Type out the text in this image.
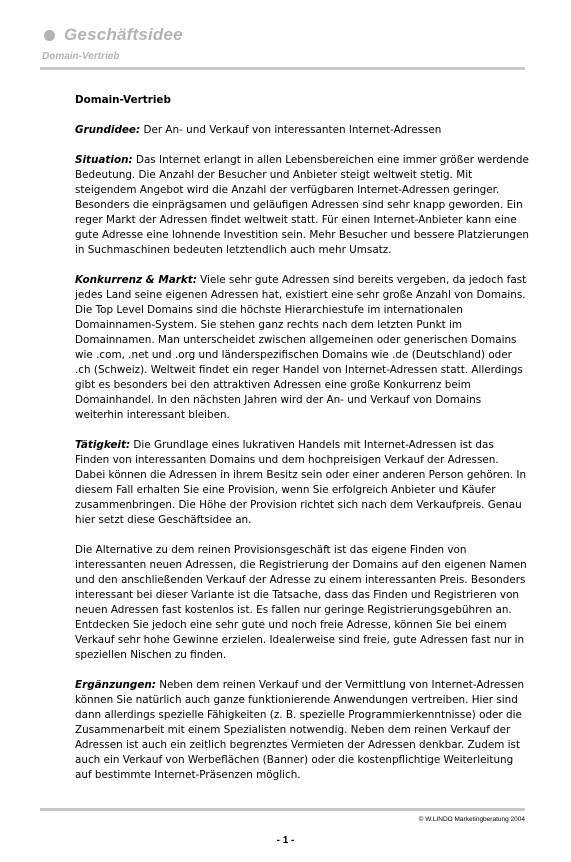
Geschäftsidee
Domain-Vertrieb
Domain-Vertrieb

Grundidee: Der An- und Verkauf von interessanten Internet-Adressen

Situation: Das Internet erlangt in allen Lebensbereichen eine immer größer werdende Bedeutung. Die Anzahl der Besucher und Anbieter steigt weltweit stetig. Mit steigendem Angebot wird die Anzahl der verfügbaren Internet-Adressen geringer. Besonders die einprägsamen und geläufigen Adressen sind sehr knapp geworden. Ein reger Markt der Adressen findet weltweit statt. Für einen Internet-Anbieter kann eine gute Adresse eine lohnende Investition sein. Mehr Besucher und bessere Platzierungen in Suchmaschinen bedeuten letztendlich auch mehr Umsatz.

Konkurrenz & Markt: Viele sehr gute Adressen sind bereits vergeben, da jedoch fast jedes Land seine eigenen Adressen hat, existiert eine sehr große Anzahl von Domains. Die Top Level Domains sind die höchste Hierarchiestufe im internationalen Domainnamen-System. Sie stehen ganz rechts nach dem letzten Punkt im Domainnamen. Man unterscheidet zwischen allgemeinen oder generischen Domains wie .com, .net und .org und länderspezifischen Domains wie .de (Deutschland) oder .ch (Schweiz). Weltweit findet ein reger Handel von Internet-Adressen statt. Allerdings gibt es besonders bei den attraktiven Adressen eine große Konkurrenz beim Domainhandel. In den nächsten Jahren wird der An- und Verkauf von Domains weiterhin interessant bleiben.

Tätigkeit: Die Grundlage eines lukrativen Handels mit Internet-Adressen ist das Finden von interessanten Domains und dem hochpreisigen Verkauf der Adressen. Dabei können die Adressen in ihrem Besitz sein oder einer anderen Person gehören. In diesem Fall erhalten Sie eine Provision, wenn Sie erfolgreich Anbieter und Käufer zusammenbringen. Die Höhe der Provision richtet sich nach dem Verkaufpreis. Genau hier setzt diese Geschäftsidee an.

Die Alternative zu dem reinen Provisionsgeschäft ist das eigene Finden von interessanten neuen Adressen, die Registrierung der Domains auf den eigenen Namen und den anschließenden Verkauf der Adresse zu einem interessanten Preis. Besonders interessant bei dieser Variante ist die Tatsache, dass das Finden und Registrieren von neuen Adressen fast kostenlos ist. Es fallen nur geringe Registrierungsgebühren an. Entdecken Sie jedoch eine sehr gute und noch freie Adresse, können Sie bei einem Verkauf sehr hohe Gewinne erzielen. Idealerweise sind freie, gute Adressen fast nur in speziellen Nischen zu finden.

Ergänzungen: Neben dem reinen Verkauf und der Vermittlung von Internet-Adressen können Sie natürlich auch ganze funktionierende Anwendungen vertreiben. Hier sind dann allerdings spezielle Fähigkeiten (z. B. spezielle Programmierkenntnisse) oder die Zusammenarbeit mit einem Spezialisten notwendig. Neben dem reinen Verkauf der Adressen ist auch ein zeitlich begrenztes Vermieten der Adressen denkbar. Zudem ist auch ein Verkauf von Werbeflächen (Banner) oder die kostenpflichtige Weiterleitung auf bestimmte Internet-Präsenzen möglich.

© W.LINDO Marketingberatung 2004
- 1 -
